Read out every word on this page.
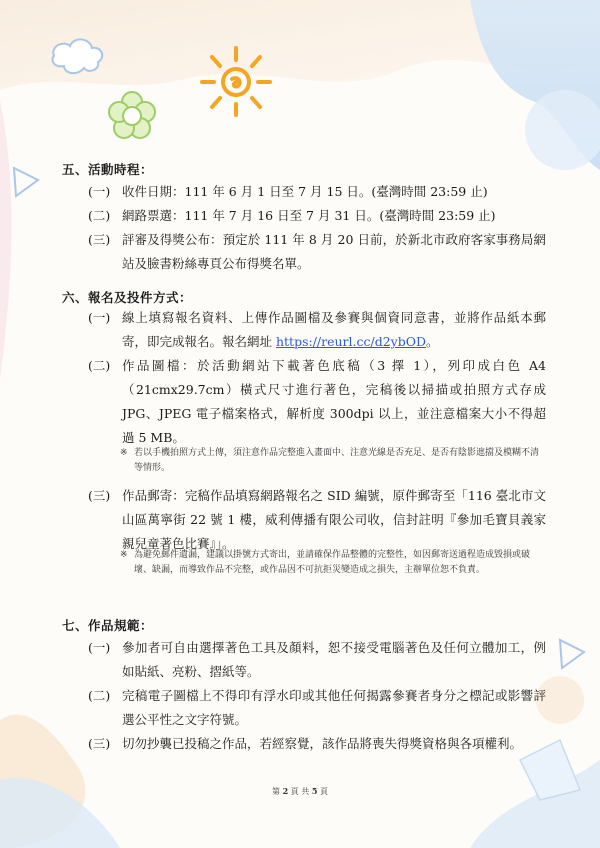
五、活動時程：
(一) 收件日期：111 年 6 月 1 日至 7 月 15 日。(臺灣時間 23:59 止)
(二) 網路票選：111 年 7 月 16 日至 7 月 31 日。(臺灣時間 23:59 止)
(三) 評審及得獎公布：預定於 111 年 8 月 20 日前，於新北市政府客家事務局網站及臉書粉絲專頁公布得獎名單。
六、報名及投件方式：
(一) 線上填寫報名資料、上傳作品圖檔及參賽與個資同意書，並將作品紙本郵寄，即完成報名。報名網址 https://reurl.cc/d2ybOD。
(二) 作品圖檔：於活動網站下載著色底稿（3 擇 1），列印成白色 A4（21cmx29.7cm）橫式尺寸進行著色，完稿後以掃描或拍照方式存成 JPG、JPEG 電子檔案格式，解析度 300dpi 以上，並注意檔案大小不得超過 5 MB。
※ 若以手機拍照方式上傳，須注意作品完整進入畫面中、注意光線是否充足、是否有陰影遮擋及模糊不清等情形。
(三) 作品郵寄：完稿作品填寫網路報名之 SID 編號，原件郵寄至「116 臺北市文山區萬寧街 22 號 1 樓，威利傳播有限公司收，信封註明『參加毛寶貝義家親兒童著色比賽』」。
※ 為避免郵件遺漏，建議以掛號方式寄出，並請確保作品整體的完整性，如因郵寄送過程造成毀損或破壞、缺漏，而導致作品不完整，或作品因不可抗拒災變造成之損失，主辦單位恕不負責。
七、作品規範：
(一) 參加者可自由選擇著色工具及顏料，恕不接受電腦著色及任何立體加工，例如貼紙、亮粉、摺紙等。
(二) 完稿電子圖檔上不得印有浮水印或其他任何揭露參賽者身分之標記或影響評選公平性之文字符號。
(三) 切勿抄襲已投稿之作品，若經察覺，該作品將喪失得獎資格與各項權利。
第 2 頁 共 5 頁
